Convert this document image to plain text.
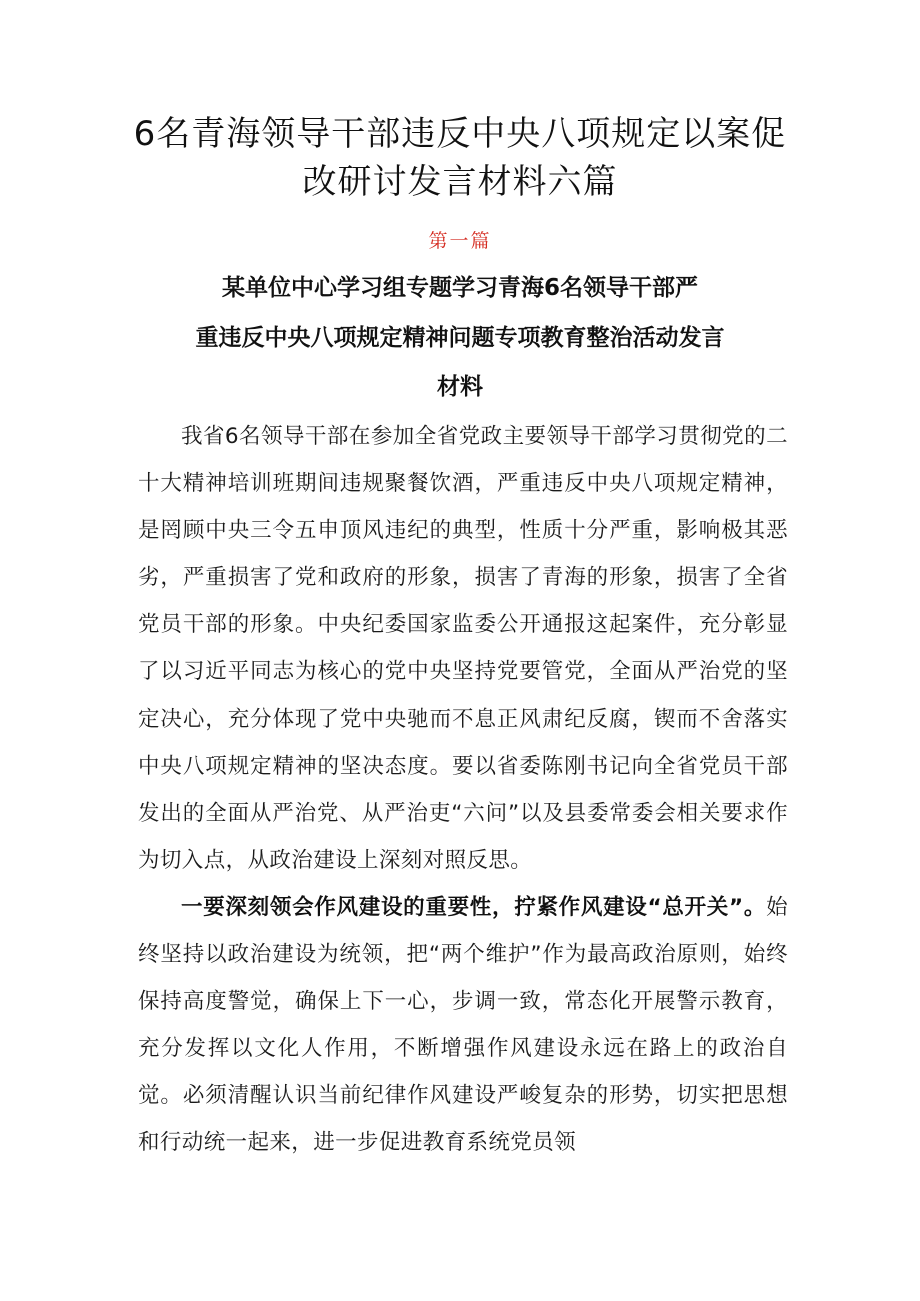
6名青海领导干部违反中央八项规定以案促
改研讨发言材料六篇
第一篇
某单位中心学习组专题学习青海6名领导干部严
重违反中央八项规定精神问题专项教育整治活动发言
材料

我省6名领导干部在参加全省党政主要领导干部学习贯彻党的二十大精神培训班期间违规聚餐饮酒，严重违反中央八项规定精神，是罔顾中央三令五申顶风违纪的典型，性质十分严重，影响极其恶劣，严重损害了党和政府的形象，损害了青海的形象，损害了全省党员干部的形象。中央纪委国家监委公开通报这起案件，充分彰显了以习近平同志为核心的党中央坚持党要管党，全面从严治党的坚定决心，充分体现了党中央驰而不息正风肃纪反腐，锲而不舍落实中央八项规定精神的坚决态度。要以省委陈刚书记向全省党员干部发出的全面从严治党、从严治吏“六问”以及县委常委会相关要求作为切入点，从政治建设上深刻对照反思。

一要深刻领会作风建设的重要性，拧紧作风建设“总开关”。始终坚持以政治建设为统领，把“两个维护”作为最高政治原则，始终保持高度警觉，确保上下一心，步调一致，常态化开展警示教育，充分发挥以文化人作用，不断增强作风建设永远在路上的政治自觉。必须清醒认识当前纪律作风建设严峻复杂的形势，切实把思想和行动统一起来，进一步促进教育系统党员领
